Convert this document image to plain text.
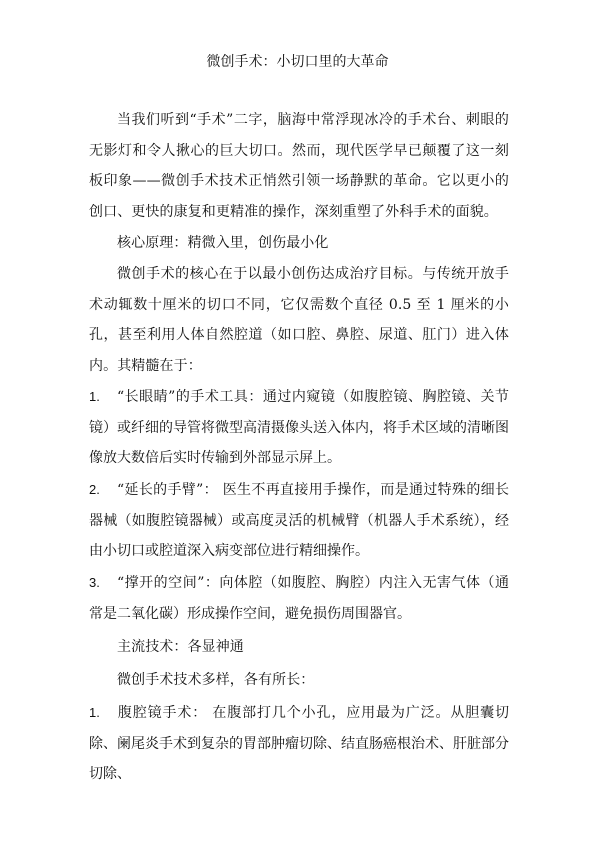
微创手术：小切口里的大革命

当我们听到“手术”二字，脑海中常浮现冰冷的手术台、刺眼的无影灯和令人揪心的巨大切口。然而，现代医学早已颠覆了这一刻板印象——微创手术技术正悄然引领一场静默的革命。它以更小的创口、更快的康复和更精准的操作，深刻重塑了外科手术的面貌。

核心原理：精微入里，创伤最小化

微创手术的核心在于以最小创伤达成治疗目标。与传统开放手术动辄数十厘米的切口不同，它仅需数个直径 0.5 至 1 厘米的小孔，甚至利用人体自然腔道（如口腔、鼻腔、尿道、肛门）进入体内。其精髓在于：

1. “长眼睛”的手术工具：通过内窥镜（如腹腔镜、胸腔镜、关节镜）或纤细的导管将微型高清摄像头送入体内，将手术区域的清晰图像放大数倍后实时传输到外部显示屏上。
2. “延长的手臂”： 医生不再直接用手操作，而是通过特殊的细长器械（如腹腔镜器械）或高度灵活的机械臂（机器人手术系统），经由小切口或腔道深入病变部位进行精细操作。
3. “撑开的空间”：向体腔（如腹腔、胸腔）内注入无害气体（通常是二氧化碳）形成操作空间，避免损伤周围器官。

主流技术：各显神通

微创手术技术多样，各有所长：

1. 腹腔镜手术： 在腹部打几个小孔，应用最为广泛。从胆囊切除、阑尾炎手术到复杂的胃部肿瘤切除、结直肠癌根治术、肝脏部分切除、
